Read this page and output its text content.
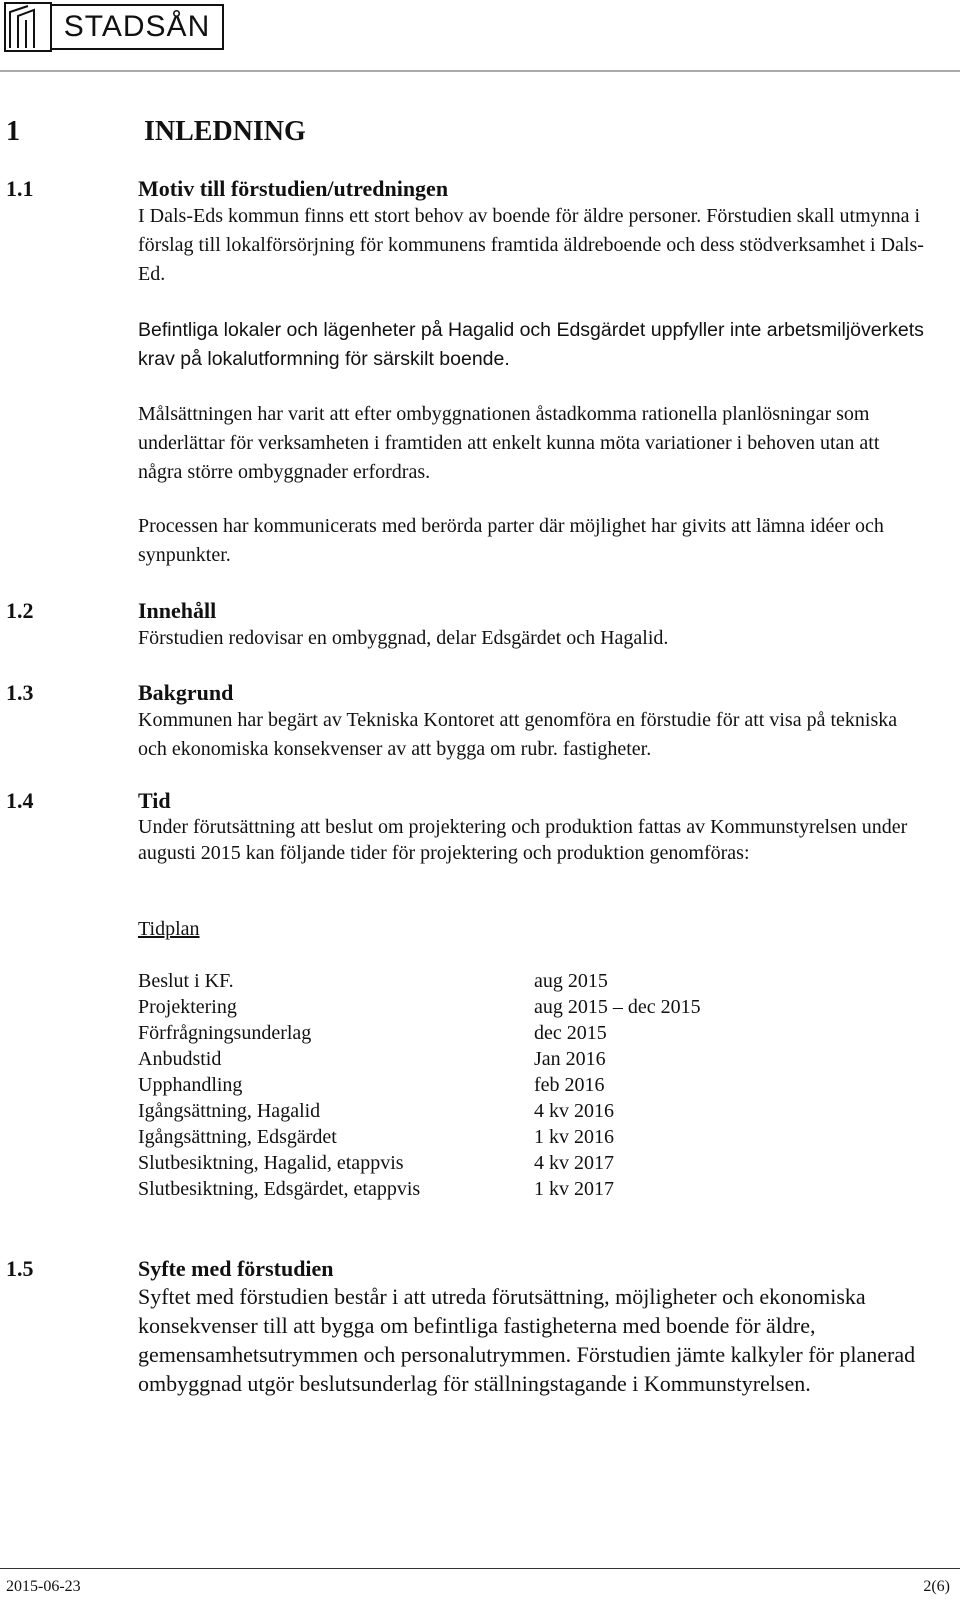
STADSÅN
1	INLEDNING
1.1	Motiv till förstudien/utredningen

I Dals-Eds kommun finns ett stort behov av boende för äldre personer. Förstudien skall utmynna i förslag till lokalförsörjning för kommunens framtida äldreboende och dess stödverksamhet i Dals-Ed.

Befintliga lokaler och lägenheter på Hagalid och Edsgärdet uppfyller inte arbetsmiljöverkets krav på lokalutformning för särskilt boende.

Målsättningen har varit att efter ombyggnationen åstadkomma rationella planlösningar som underlättar för verksamheten i framtiden att enkelt kunna möta variationer i behoven utan att några större ombyggnader erfordras.

Processen har kommunicerats med berörda parter där möjlighet har givits att lämna idéer och synpunkter.

1.2	Innehåll

Förstudien redovisar en ombyggnad, delar Edsgärdet och Hagalid.

1.3	Bakgrund

Kommunen har begärt av Tekniska Kontoret att genomföra en förstudie för att visa på tekniska och ekonomiska konsekvenser av att bygga om rubr. fastigheter.

1.4	Tid

Under förutsättning att beslut om projektering och produktion fattas av Kommunstyrelsen under augusti 2015 kan följande tider för projektering och produktion genomföras:

Tidplan
Beslut i KF.	aug 2015
Projektering	aug 2015 – dec 2015
Förfrågningsunderlag	dec 2015
Anbudstid	Jan 2016
Upphandling	feb 2016
Igångsättning, Hagalid	4 kv 2016
Igångsättning, Edsgärdet	1 kv 2016
Slutbesiktning, Hagalid, etappvis	4 kv 2017
Slutbesiktning, Edsgärdet, etappvis	1 kv 2017
1.5	Syfte med förstudien

Syftet med förstudien består i att utreda förutsättning, möjligheter och ekonomiska konsekvenser till att bygga om befintliga fastigheterna med boende för äldre, gemensamhetsutrymmen och personalutrymmen. Förstudien jämte kalkyler för planerad ombyggnad utgör beslutsunderlag för ställningstagande i Kommunstyrelsen.

2015-06-23	2(6)
